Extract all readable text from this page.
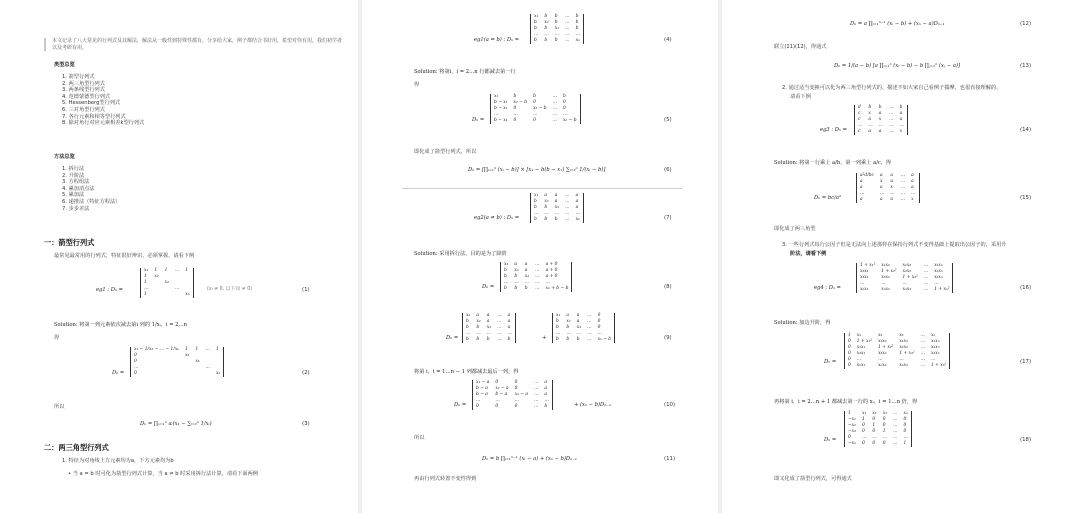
本文记录了八大常见的行列式及其解法，解法从一般性到特殊性都有，分享给大家，例子都结合书好用，希望对你有用，我们初学者以及考研有用。
类型总览
1. 箭型行列式
2. 两三角型行列式
3. 两条线型行列式
4. 范德蒙德型行列式
5. Hessenberg型行列式
6. 三对角型行列式
7. 各行元素和相等型行列式
8. 除对角行对应元素相差k型行列式
方法总览
1. 拆行法
2. 升阶法
3. 方程组法
4. 累加消点法
5. 累加法
6. 递推法（特征方程法）
7. 步步差法
一：箭型行列式
最常见最常用的行列式，特征很好辨识，必须掌握，请看下例
eg1 : Dₙ =
x₁	1	1	…	1
1	x₂			
1		x₃		
…			…	
1				xₙ
(xᵢ ≠ 0, 以下同 ≠ 0)	(1)
Solution: 将第一列元素依次减去第i 列的 1/xᵢ，i = 2…n
得
Dₙ =
x₁ − 1/x₂ − … − 1/xₙ	1	1	…	1
0	x₂			
0		x₃		
…			…	
0				xₙ	(2)
所以
Dₙ = ∏ₓ₌₁ⁿ aᵢ(x₁ − ∑ᵢ₌₂ⁿ 1/xᵢ)	(3)
二：两三角型行列式
1. 特征为对角线上方元素均为a，下方元素均为b
• 当 a = b 时可化为箭型行列式计算，当 a ≠ b 时采用拆行法计算，请看下面两例
eg1(a = b) : Dₙ =
x₁	b	b	…	b
b	x₂	b	…	b
b	b	x₃	…	b
…	…	…	…	…
b	b	b	…	xₙ	(4)
Solution: 将第i，i = 2…n 行都减去第一行
得
Dₙ =
x₁	b	b	…	b
b − x₁	x₂ − b	0	…	0
b − x₁	0	x₃ − b	…	0
…	…	…	…	…
b − x₁	0	0	…	xₙ − b	(5)
即化成了箭型行列式，所以
Dₙ = [∏ᵢ₌₁ⁿ (xᵢ − b)] × [x₁ − b(b − x₁) ∑ᵢ₌₂ⁿ 1/(xᵢ − b)]	(6)
eg2(a ≠ b) : Dₙ =
x₁	a	a	…	a
b	x₂	a	…	a
b	b	x₃	…	a
…	…	…	…	…
b	b	b	…	xₙ	(7)
Solution: 采用拆行法，目的是为了降阶
Dₙ =
x₁	a	a	…	a + 0
b	x₂	a	…	a + 0
b	b	x₃	…	a + 0
…	…	…	…	…
b	b	b	…	xₙ + b − b	(8)
Dₙ =
x₁	a	a	…	a
b	x₂	a	…	a
b	b	x₃	…	a
…	…	…	…	…
b	b	b	…	b	+
x₁	a	a	…	0
b	x₂	a	…	0
b	b	x₃	…	0
…	…	…	…	…
b	b	b	…	xₙ − b	(9)
将第 i，i = 1…n − 1 列都减去最后一列，得
Dₙ =
x₁ − a	0	0	…	a
b − a	x₂ − a	0	…	a
b − a	b − a	x₃ − a	…	a
…	…	…	…	…
0	0	0	…	b	+ (xₙ − b)Dₙ₋₁	(10)
所以
Dₙ = b ∏ᵢ₌₁ⁿ⁻¹ (xᵢ − a) + (xₙ − b)Dₙ₋₁	(11)
再由行列式转置不变性得到
Dₙ = a ∏ᵢ₌₁ⁿ⁻¹ (xᵢ − b) + (xₙ − a)Dₙ₋₁	(12)
联立(11)(12)，得通式
Dₙ = 1/(a − b) [a ∏ᵢ₌₁ⁿ (xᵢ − b) − b ∏ⱼ₌₁ⁿ (xⱼ − a)]	(13)
2. 通过适当变换可以化为两三角型行列式的，描述不如大家自己看例子揣摩，也很直接理解的，
请看下例
eg3 : Dₙ =
d	b	b	…	b
c	x	a	…	a
c	a	x	…	a
…	…	…	…	…
c	a	a	…	x	(14)
Solution: 将第一行乘上 a/b，第一列乘上 a/c，得
Dₙ = bc/a²
a²d/bc	a	a	…	a
a	x	a	…	a
a	a	x	…	a
…	…	…	…	…
a	a	a	…	x	(15)
即化成了两三角型
3. 一些行列式每行公因子但是无法向上述那样在保持行列式不变得基础上提取出公因子的，采用升
阶法，请看下例
eg4 : Dₙ =
1 + x₁²	x₁x₂	x₁x₃	…	x₁xₙ
x₂x₁	1 + x₂²	x₂x₃	…	x₂xₙ
x₃x₁	x₃x₂	1 + x₃²	…	x₃xₙ
…	…	…	…	…
xₙx₁	xₙx₂	xₙx₃	…	1 + xₙ²	(16)
Solution: 加边升阶，得
Dₙ =
1	x₁	x₂	x₃	…	xₙ
0	1 + x₁²	x₁x₂	x₁x₃	…	x₁xₙ
0	x₂x₁	1 + x₂²	x₂x₃	…	x₂xₙ
0	x₃x₁	x₃x₂	1 + x₃²	…	x₃xₙ
0	…	…	…	…	…
0	xₙx₁	xₙx₂	xₙx₃	…	1 + xₙ²
(17)
再将第 i，i = 2…n + 1 都减去第一行的 xᵢ，i = 1…n 倍，得
Dₙ =
1	x₁	x₂	x₃	…	xₙ
−x₁	1	0	0	…	0
−x₂	0	1	0	…	0
−x₃	0	0	1	…	0
0	…	…	…	…	…
−xₙ	0	0	0	…	1
(18)
即又化成了箭型行列式，可得通式
